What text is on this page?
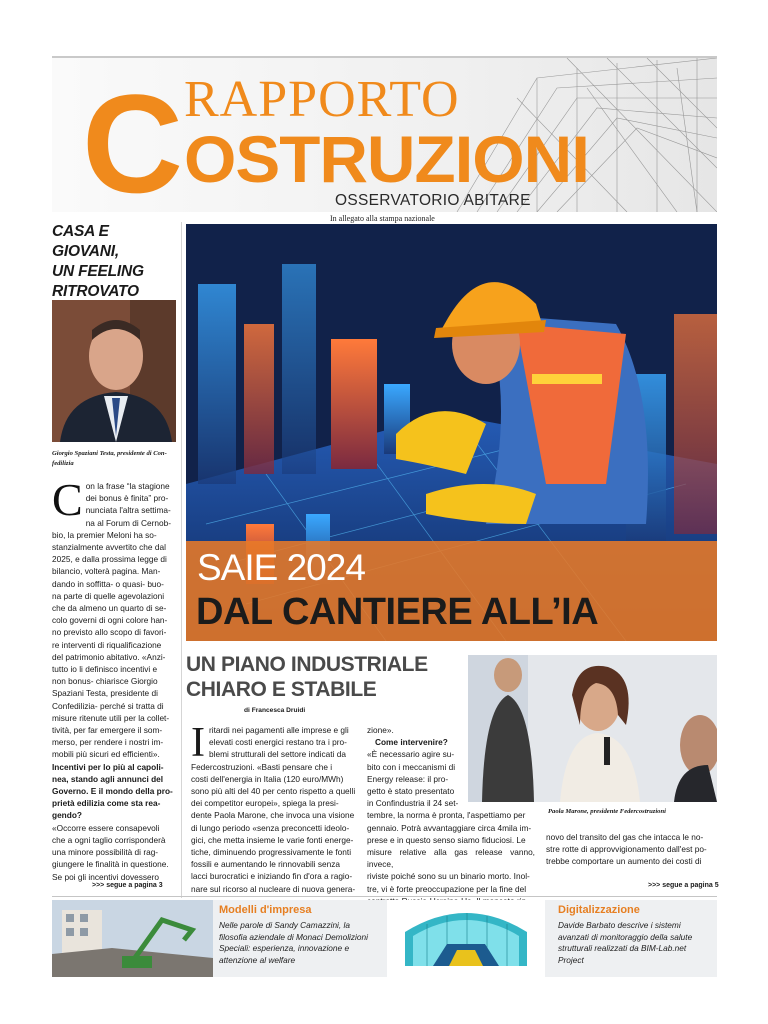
C RAPPORTO
OSTRUZIONI
OSSERVATORIO ABITARE
In allegato alla stampa nazionale
CASA E GIOVANI,
UN FEELING
RITROVATO
Giorgio Spaziani Testa, presidente di Con-
fedilizia
C on la frase “la stagione
dei bonus è finita” pro-
nunciata l'altra settima-
na al Forum di Cernob-
bio, la premier Meloni ha so-
stanzialmente avvertito che dal
2025, e dalla prossima legge di
bilancio, volterà pagina. Man-
dando in soffitta- o quasi- buo-
na parte di quelle agevolazioni
che da almeno un quarto di se-
colo governi di ogni colore han-
no previsto allo scopo di favori-
re interventi di riqualificazione
del patrimonio abitativo. «Anzi-
tutto io li definisco incentivi e
non bonus- chiarisce Giorgio
Spaziani Testa, presidente di
Confedilizia- perché si tratta di
misure ritenute utili per la collet-
tività, per far emergere il som-
merso, per rendere i nostri im-
mobili più sicuri ed efficienti».
Incentivi per lo più al capoli-
nea, stando agli annunci del
Governo. E il mondo della pro-
prietà edilizia come sta rea-
gendo?
«Occorre essere consapevoli
che a ogni taglio corrisponderà
una minore possibilità di rag-
giungere le finalità in questione.
Se poi gli incentivi dovessero
>>> segue a pagina 3
SAIE 2024
DAL CANTIERE ALL’IA
UN PIANO INDUSTRIALE
CHIARO E STABILE
di Francesca Druidi
Paola Marone, presidente Federcostruzioni
I ritardi nei pagamenti alle imprese e gli
elevati costi energici restano tra i pro-
blemi strutturali del settore indicati da
Federcostruzioni. «Basti pensare che i
costi dell'energia in Italia (120 euro/MWh)
sono più alti del 40 per cento rispetto a quelli
dei competitor europei», spiega la presi-
dente Paola Marone, che invoca una visione
di lungo periodo «senza preconcetti ideolo-
gici, che metta insieme le varie fonti energe-
tiche, diminuendo progressivamente le fonti
fossili e aumentando le rinnovabili senza
lacci burocratici e iniziando fin d'ora a ragio-
nare sul ricorso al nucleare di nuova genera-
zione».
Come intervenire?
«È necessario agire su-
bito con i meccanismi di
Energy release: il pro-
getto è stato presentato
in Confindustria il 24 set-
tembre, la norma è pronta, l'aspettiamo per
gennaio. Potrà avvantaggiare circa 4mila im-
prese e in questo senso siamo fiduciosi. Le
misure relative alla gas release vanno, invece,
riviste poiché sono su un binario morto. Inol-
tre, vi è forte preoccupazione per la fine del
novo del transito del gas che intacca le no-
stre rotte di approvvigionamento dall'est po-
trebbe comportare un aumento dei costi di
>>> segue a pagina 5
Modelli d'impresa
Nelle parole di Sandy Camazzini, la
filosofia aziendale di Monaci Demolizioni
Speciali: esperienza, innovazione e
attenzione al welfare
Digitalizzazione
Davide Barbato descrive i sistemi
avanzati di monitoraggio della salute
strutturali realizzati da BIM-Lab.net
Project
